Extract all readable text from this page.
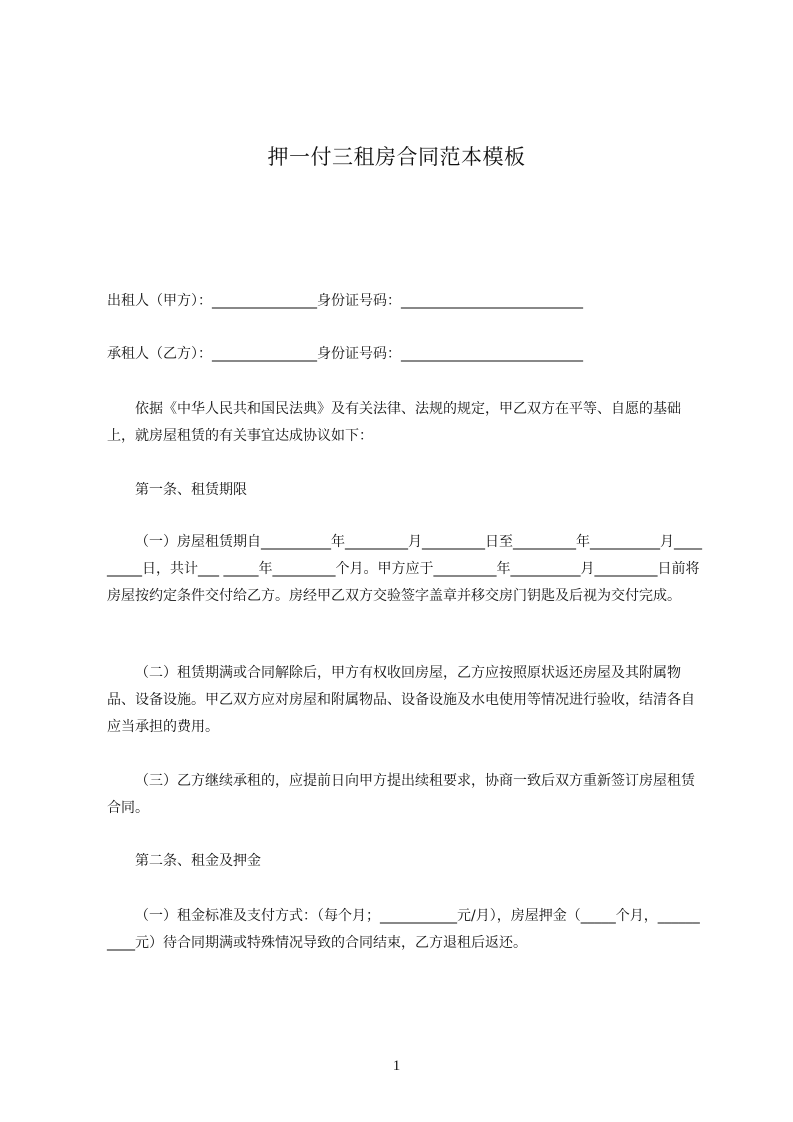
押一付三租房合同范本模板
出租人（甲方）：_______________身份证号码：__________________________
承租人（乙方）：_______________身份证号码：__________________________
依据《中华人民共和国民法典》及有关法律、法规的规定，甲乙双方在平等、自愿的基础上，就房屋租赁的有关事宜达成协议如下：
第一条、租赁期限
（一）房屋租赁期自__________年_________月_________日至_________年__________月_________日，共计___ _____年_________个月。甲方应于_________年__________月_________日前将房屋按约定条件交付给乙方。房经甲乙双方交验签字盖章并移交房门钥匙及后视为交付完成。
（二）租赁期满或合同解除后，甲方有权收回房屋，乙方应按照原状返还房屋及其附属物品、设备设施。甲乙双方应对房屋和附属物品、设备设施及水电使用等情况进行验收，结清各自应当承担的费用。
（三）乙方继续承租的，应提前日向甲方提出续租要求，协商一致后双方重新签订房屋租赁合同。
第二条、租金及押金
（一）租金标准及支付方式：（每个月；___________元/月），房屋押金（_____个月，__________元）待合同期满或特殊情况导致的合同结束，乙方退租后返还。
1
